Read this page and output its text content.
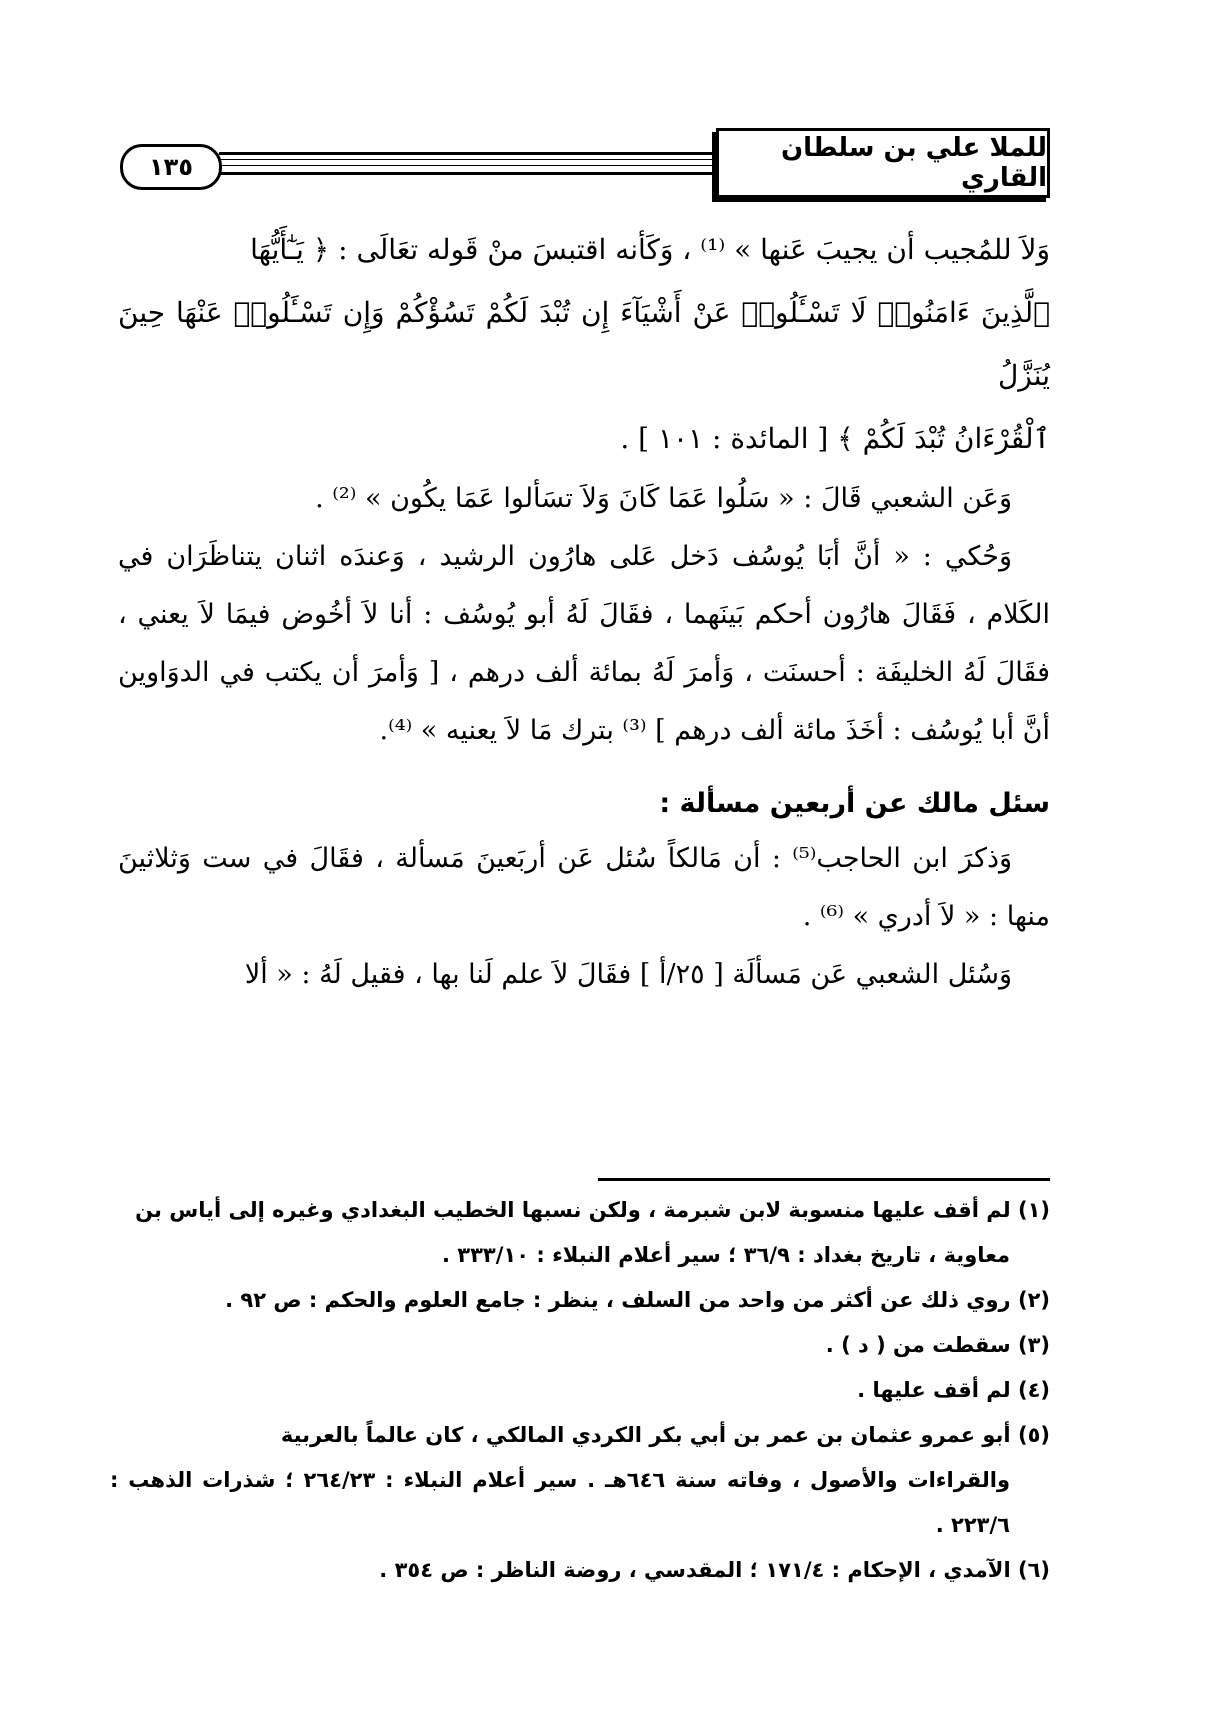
١٣٥
للملا علي بن سلطان القاري

وَلاَ للمُجيب أن يجيبَ عَنها » ⁽¹⁾ ، وَكَأنه اقتبسَ منْ قَوله تعَالَى : ﴿ يَـٰٓأَيُّهَا

ٱلَّذِينَ ءَامَنُوا۟ لَا تَسْـَٔلُوا۟ عَنْ أَشْيَآءَ إِن تُبْدَ لَكُمْ تَسُؤْكُمْ وَإِن تَسْـَٔلُوا۟ عَنْهَا حِينَ يُنَزَّلُ

ٱلْقُرْءَانُ تُبْدَ لَكُمْ ﴾ [ المائدة : ١٠١ ] .

وَعَن الشعبي قَالَ : « سَلُوا عَمَا كَانَ وَلاَ تسَألوا عَمَا يكُون » ⁽²⁾ .

وَحُكي : « أنَّ أبَا يُوسُف دَخل عَلى هارُون الرشيد ، وَعندَه اثنان يتناظَرَان في الكَلام ، فَقَالَ هارُون أحكم بَينَهما ، فقَالَ لَهُ أبو يُوسُف : أنا لاَ أخُوض فيمَا لاَ يعني ، فقَالَ لَهُ الخليفَة : أحسنَت ، وَأمرَ لَهُ بمائة ألف درهم ، [ وَأمرَ أن يكتب في الدوَاوين أنَّ أبا يُوسُف : أخَذَ مائة ألف درهم ] ⁽³⁾ بترك مَا لاَ يعنيه » ⁽⁴⁾.

سئل مالك عن أربعين مسألة :

وَذكرَ ابن الحاجب⁽⁵⁾ : أن مَالكاً سُئل عَن أربَعينَ مَسألة ، فقَالَ في ست وَثلاثينَ منها : « لاَ أدري » ⁽⁶⁾ .

وَسُئل الشعبي عَن مَسألَة [ ٢٥/أ ] فقَالَ لاَ علم لَنا بها ، فقيل لَهُ : « ألا

(١) لم أقف عليها منسوبة لابن شبرمة ، ولكن نسبها الخطيب البغدادي وغيره إلى أياس بن
معاوية ، تاريخ بغداد : ٣٦/٩ ؛ سير أعلام النبلاء : ٣٣٣/١٠ .

(٢) روي ذلك عن أكثر من واحد من السلف ، ينظر : جامع العلوم والحكم : ص ٩٢ .

(٣) سقطت من ( د ) .

(٤) لم أقف عليها .

(٥) أبو عمرو عثمان بن عمر بن أبي بكر الكردي المالكي ، كان عالماً بالعربية
والقراءات والأصول ، وفاته سنة ٦٤٦هـ . سير أعلام النبلاء : ٢٦٤/٢٣ ؛ شذرات الذهب : ٢٢٣/٦ .

(٦) الآمدي ، الإحكام : ١٧١/٤ ؛ المقدسي ، روضة الناظر : ص ٣٥٤ .
